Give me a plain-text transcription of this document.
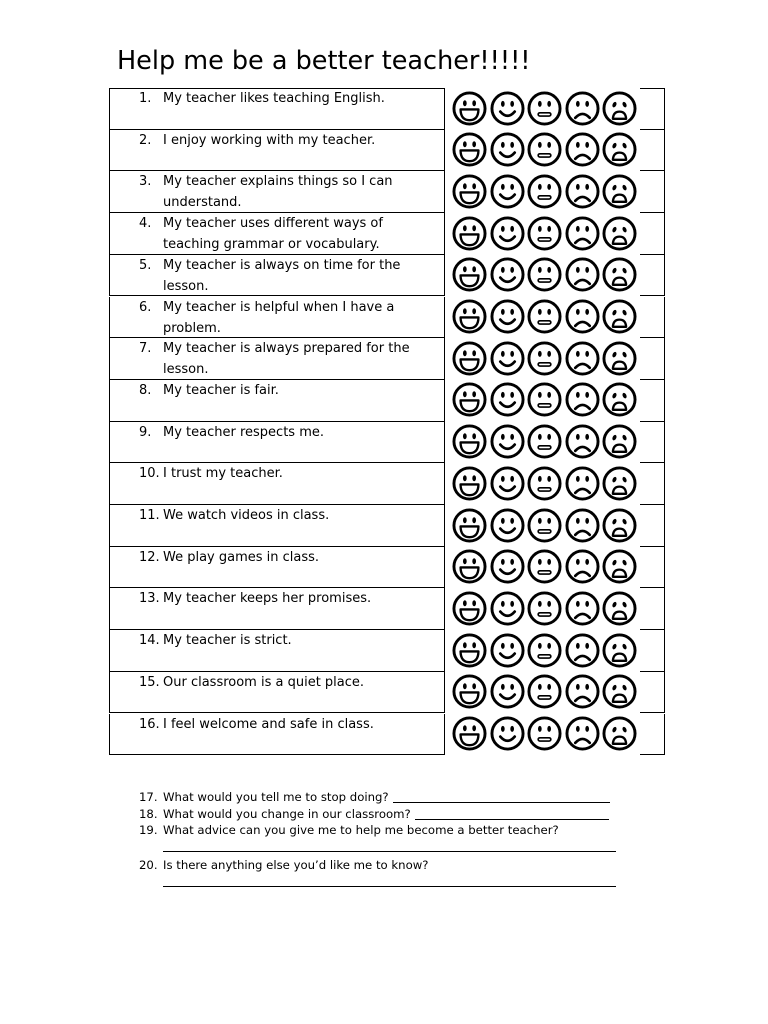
Help me be a better teacher!!!!!
1. My teacher likes teaching English.
2. I enjoy working with my teacher.
3. My teacher explains things so I can understand.
4. My teacher uses different ways of teaching grammar or vocabulary.
5. My teacher is always on time for the lesson.
6. My teacher is helpful when I have a problem.
7. My teacher is always prepared for the lesson.
8. My teacher is fair.
9. My teacher respects me.
10. I trust my teacher.
11. We watch videos in class.
12. We play games in class.
13. My teacher keeps her promises.
14. My teacher is strict.
15. Our classroom is a quiet place.
16. I feel welcome and safe in class.
17. What would you tell me to stop doing?
18. What would you change in our classroom?
19. What advice can you give me to help me become a better teacher?
20. Is there anything else you’d like me to know?
